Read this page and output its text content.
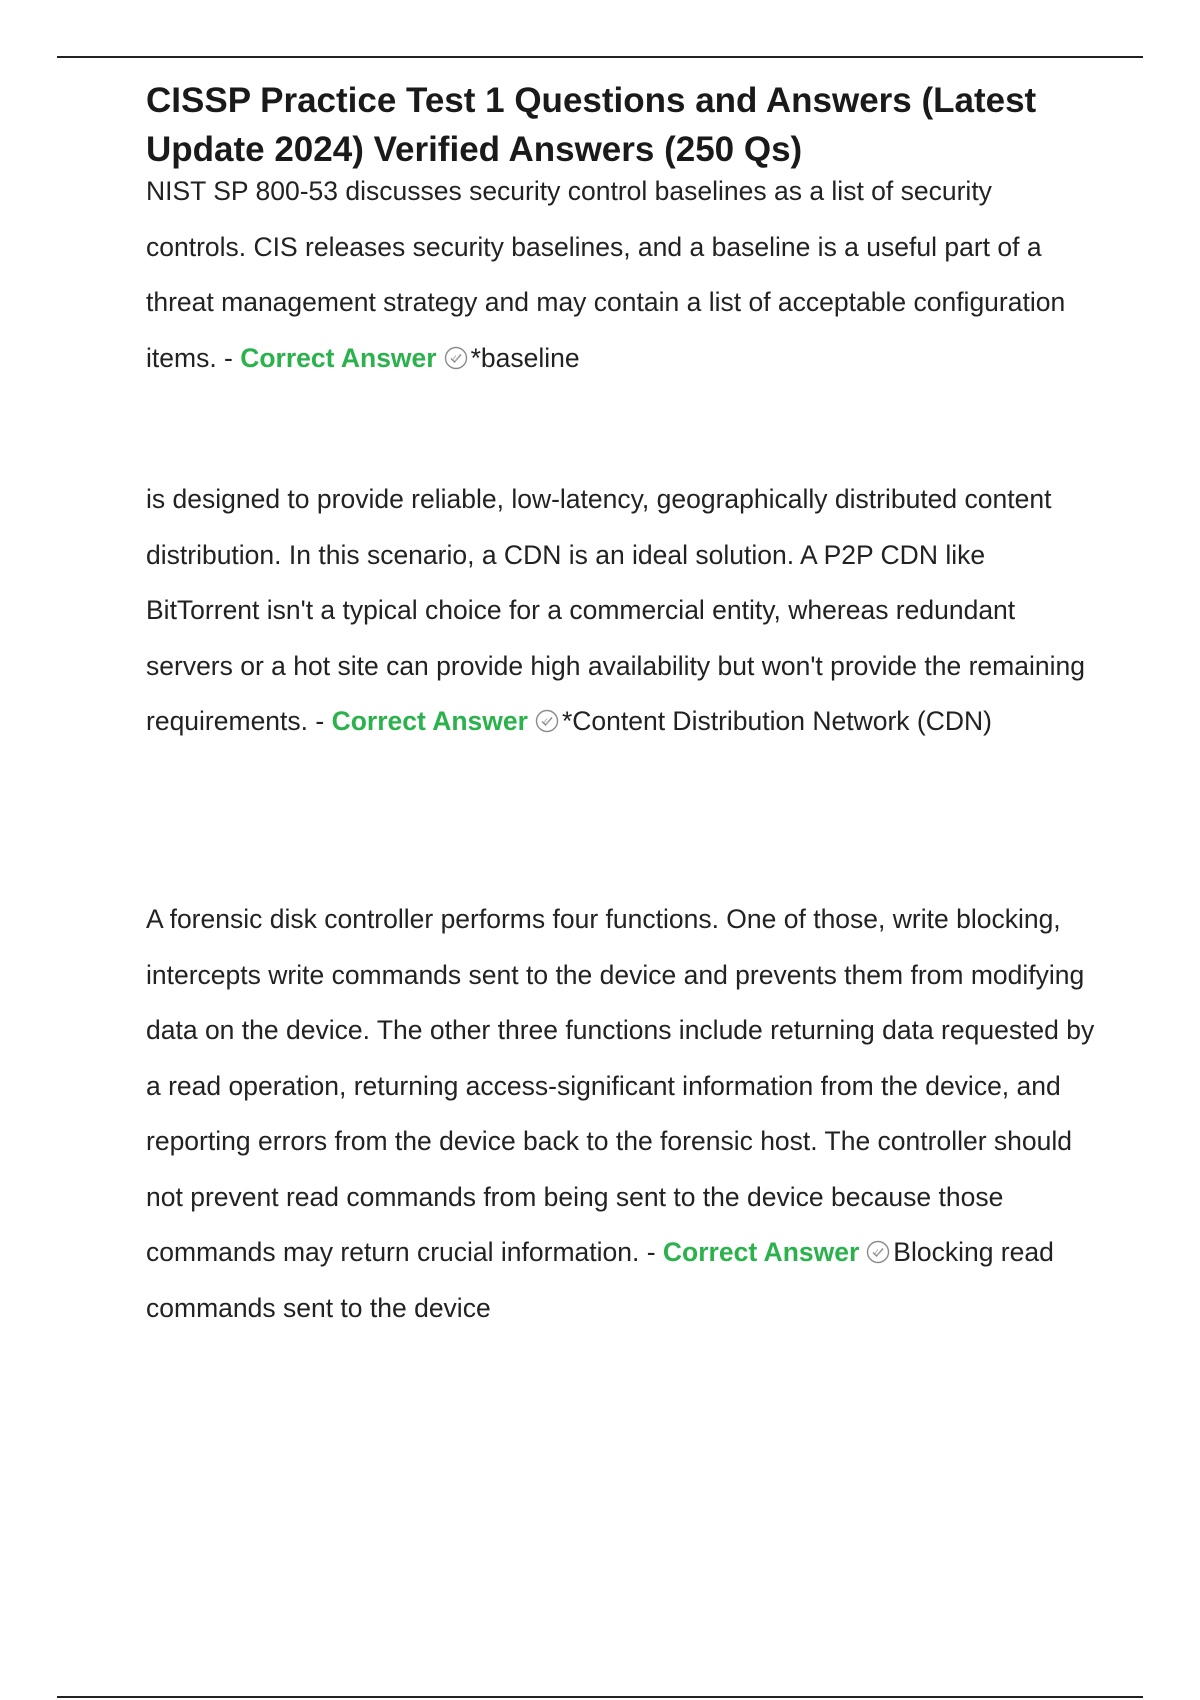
CISSP Practice Test 1 Questions and Answers (Latest Update 2024) Verified Answers (250 Qs)

NIST SP 800-53 discusses security control baselines as a list of security controls. CIS releases security baselines, and a baseline is a useful part of a threat management strategy and may contain a list of acceptable configuration items. - Correct Answer *baseline

is designed to provide reliable, low-latency, geographically distributed content distribution. In this scenario, a CDN is an ideal solution. A P2P CDN like BitTorrent isn't a typical choice for a commercial entity, whereas redundant servers or a hot site can provide high availability but won't provide the remaining requirements. - Correct Answer *Content Distribution Network (CDN)

A forensic disk controller performs four functions. One of those, write blocking, intercepts write commands sent to the device and prevents them from modifying data on the device. The other three functions include returning data requested by a read operation, returning access-significant information from the device, and reporting errors from the device back to the forensic host. The controller should not prevent read commands from being sent to the device because those commands may return crucial information. - Correct Answer Blocking read commands sent to the device
